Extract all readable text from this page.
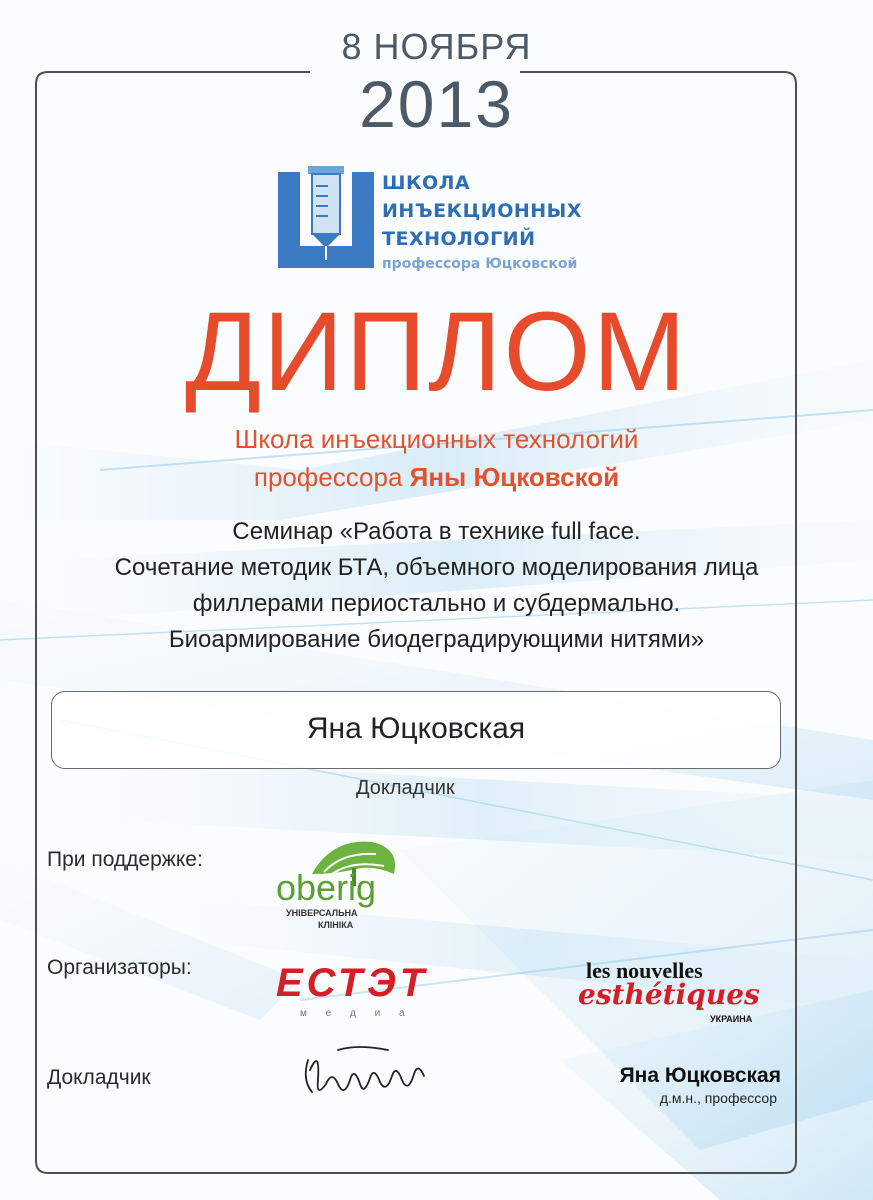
8 НОЯБРЯ
2013
ШКОЛА
ИНЪЕКЦИОННЫХ
ТЕХНОЛОГИЙ
профессора Юцковской
ДИПЛОМ
Школа инъекционных технологий
профессора Яны Юцковской
Семинар «Работа в технике full face.
Сочетание методик БТА, объемного моделирования лица
филлерами периостально и субдермально.
Биоармирование биодеградирующими нитями»
Яна Юцковская
Докладчик
При поддержке:
oberig
УНІВЕРСАЛЬНА
КЛІНІКА
Организаторы: ЕСТЭТ
м е д и а
les nouvelles
esthétiques
УКРАИНА
Докладчик	Яна Юцковская
д.м.н., профессор
